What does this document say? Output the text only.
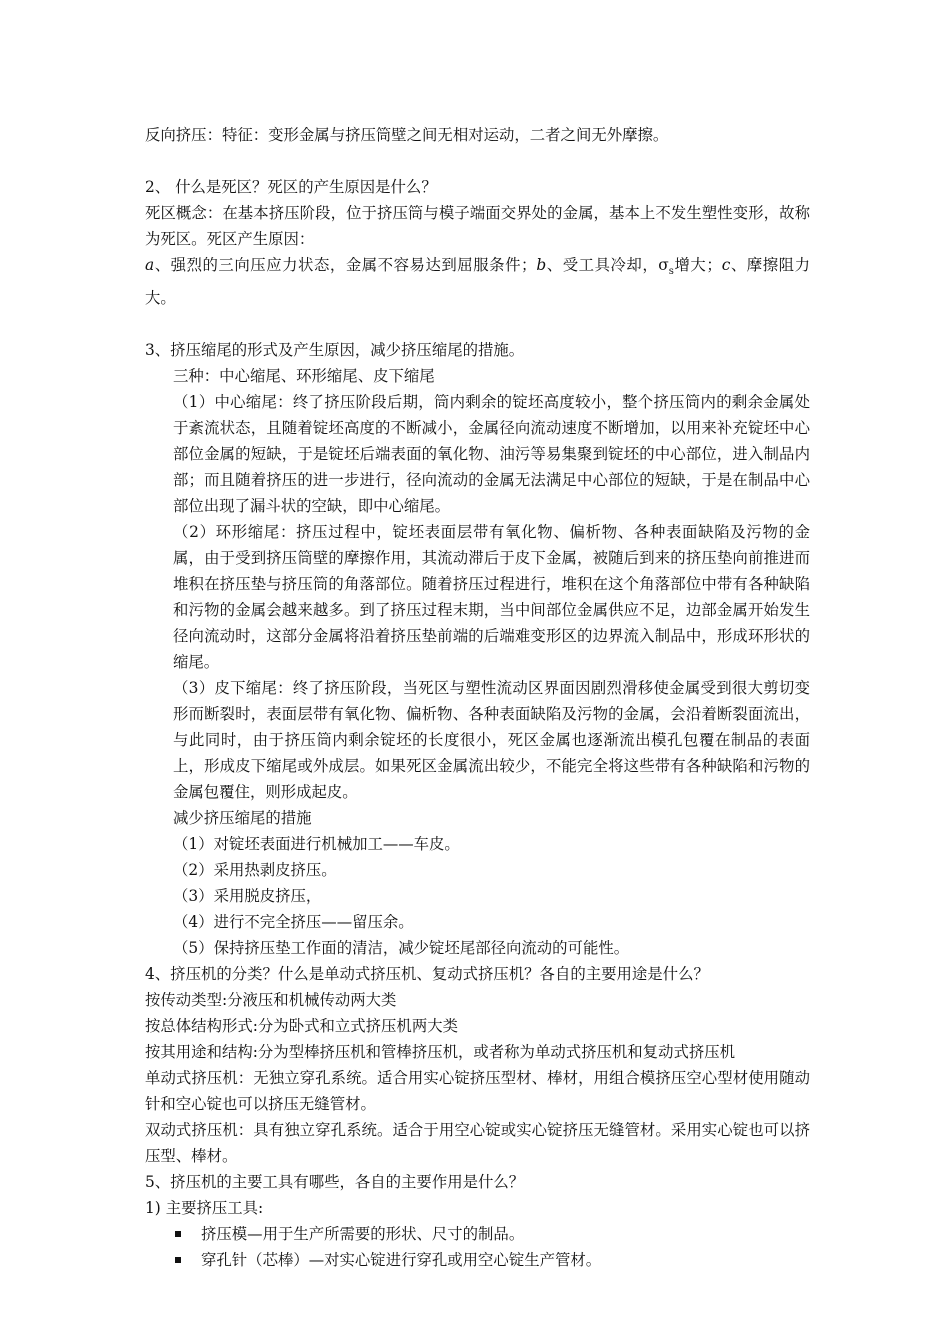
反向挤压：特征：变形金属与挤压筒壁之间无相对运动，二者之间无外摩擦。

2、 什么是死区？死区的产生原因是什么？

死区概念：在基本挤压阶段，位于挤压筒与模子端面交界处的金属，基本上不发生塑性变形，故称为死区。死区产生原因：

a、强烈的三向压应力状态，金属不容易达到屈服条件；b、受工具冷却，$\sigma_s$增大；c、摩擦阻力大。

3、挤压缩尾的形式及产生原因，减少挤压缩尾的措施。

三种：中心缩尾、环形缩尾、皮下缩尾

（1）中心缩尾：终了挤压阶段后期，筒内剩余的锭坯高度较小，整个挤压筒内的剩余金属处于紊流状态，且随着锭坯高度的不断减小，金属径向流动速度不断增加，以用来补充锭坯中心部位金属的短缺，于是锭坯后端表面的氧化物、油污等易集聚到锭坯的中心部位，进入制品内部；而且随着挤压的进一步进行，径向流动的金属无法满足中心部位的短缺，于是在制品中心部位出现了漏斗状的空缺，即中心缩尾。

（2）环形缩尾：挤压过程中，锭坯表面层带有氧化物、偏析物、各种表面缺陷及污物的金属，由于受到挤压筒壁的摩擦作用，其流动滞后于皮下金属，被随后到来的挤压垫向前推进而堆积在挤压垫与挤压筒的角落部位。随着挤压过程进行，堆积在这个角落部位中带有各种缺陷和污物的金属会越来越多。到了挤压过程末期，当中间部位金属供应不足，边部金属开始发生径向流动时，这部分金属将沿着挤压垫前端的后端难变形区的边界流入制品中，形成环形状的缩尾。

（3）皮下缩尾：终了挤压阶段，当死区与塑性流动区界面因剧烈滑移使金属受到很大剪切变形而断裂时，表面层带有氧化物、偏析物、各种表面缺陷及污物的金属，会沿着断裂面流出，与此同时，由于挤压筒内剩余锭坯的长度很小，死区金属也逐渐流出模孔包覆在制品的表面上，形成皮下缩尾或外成层。如果死区金属流出较少，不能完全将这些带有各种缺陷和污物的金属包覆住，则形成起皮。

减少挤压缩尾的措施

（1）对锭坯表面进行机械加工——车皮。

（2）采用热剥皮挤压。

（3）采用脱皮挤压，

（4）进行不完全挤压——留压余。

（5）保持挤压垫工作面的清洁，减少锭坯尾部径向流动的可能性。

4、挤压机的分类？什么是单动式挤压机、复动式挤压机？各自的主要用途是什么？

按传动类型:分液压和机械传动两大类

按总体结构形式:分为卧式和立式挤压机两大类

按其用途和结构:分为型棒挤压机和管棒挤压机，或者称为单动式挤压机和复动式挤压机

单动式挤压机：无独立穿孔系统。适合用实心锭挤压型材、棒材，用组合模挤压空心型材使用随动针和空心锭也可以挤压无缝管材。

双动式挤压机：具有独立穿孔系统。适合于用空心锭或实心锭挤压无缝管材。采用实心锭也可以挤压型、棒材。

5、挤压机的主要工具有哪些，各自的主要作用是什么？

1) 主要挤压工具:

挤压模—用于生产所需要的形状、尺寸的制品。

穿孔针（芯棒）—对实心锭进行穿孔或用空心锭生产管材。
